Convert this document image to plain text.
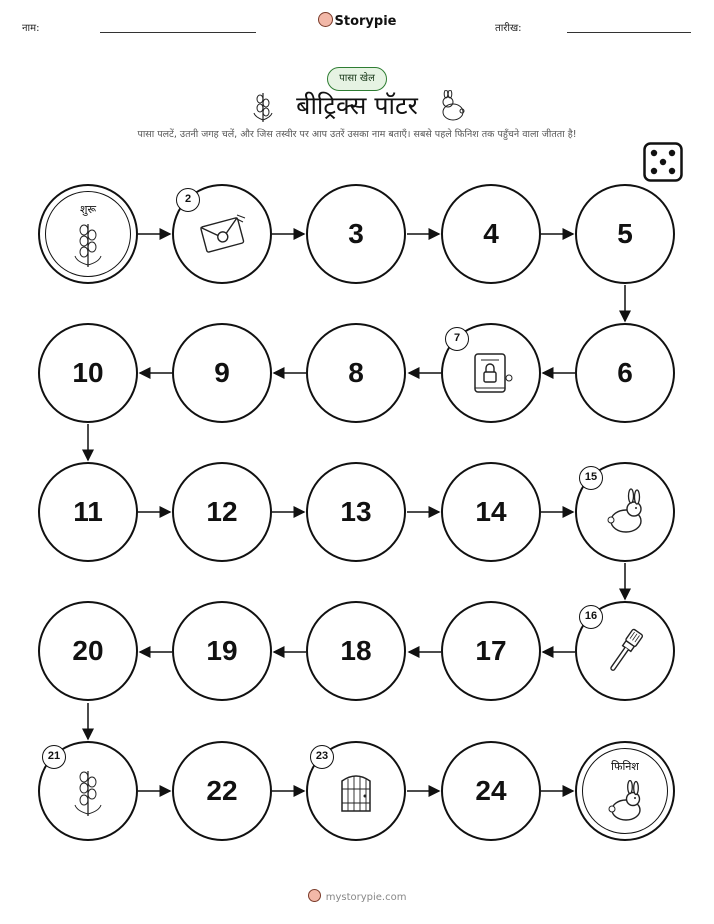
नाम:	Storypie	तारीख:
पासा खेल
बीट्रिक्स पॉटर
पासा पलटें, उतनी जगह चलें, और जिस तस्वीर पर आप उतरें उसका नाम बताएँ। सबसे पहले फिनिश तक पहुँचने वाला जीतता है!
शुरू
2
3	4	5
10	9	8
7
6
11	12	13	14
15
20	19	18	17
16
21
22
23
24
फिनिश
mystorypie.com
